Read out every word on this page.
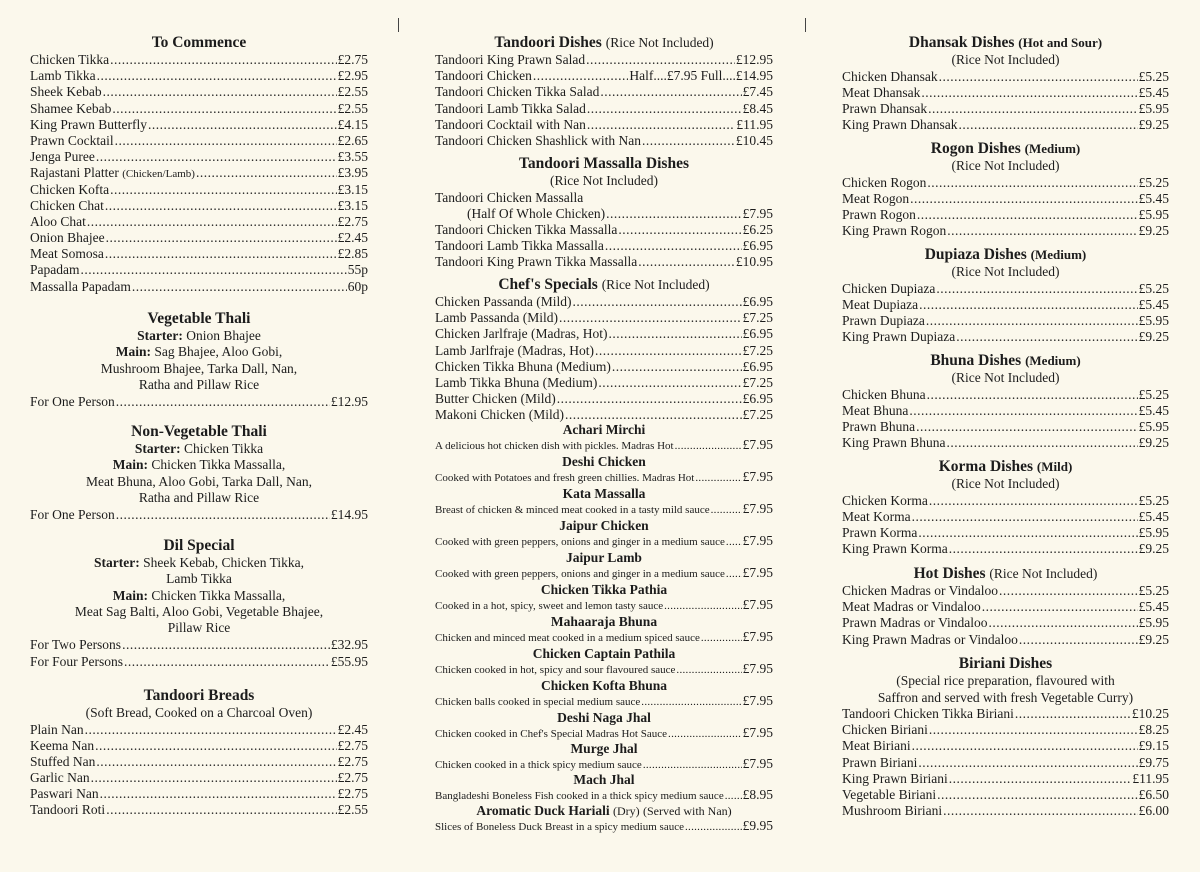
To Commence
Chicken Tikka .....	£2.75
Lamb Tikka .....	£2.95
Sheek Kebab .....	£2.55
Shamee Kebab .....	£2.55
King Prawn Butterfly .....	£4.15
Prawn Cocktail .....	£2.65
Jenga Puree .....	£3.55
Rajastani Platter (Chicken/Lamb) .....	£3.95
Chicken Kofta .....	£3.15
Chicken Chat .....	£3.15
Aloo Chat .....	£2.75
Onion Bhajee .....	£2.45
Meat Somosa .....	£2.85
Papadam .....	55p
Massalla Papadam .....	60p
Vegetable Thali
Starter: Onion Bhajee
Main: Sag Bhajee, Aloo Gobi,
Mushroom Bhajee, Tarka Dall, Nan,
Ratha and Pillaw Rice
For One Person .....	£12.95
Non-Vegetable Thali
Starter: Chicken Tikka
Main: Chicken Tikka Massalla,
Meat Bhuna, Aloo Gobi, Tarka Dall, Nan,
Ratha and Pillaw Rice
For One Person .....	£14.95
Dil Special
Starter: Sheek Kebab, Chicken Tikka,
Lamb Tikka
Main: Chicken Tikka Massalla,
Meat Sag Balti, Aloo Gobi, Vegetable Bhajee,
Pillaw Rice
For Two Persons .....	£32.95
For Four Persons .....	£55.95
Tandoori Breads
(Soft Bread, Cooked on a Charcoal Oven)
Plain Nan .....	£2.45
Keema Nan .....	£2.75
Stuffed Nan .....	£2.75
Garlic Nan .....	£2.75
Paswari Nan .....	£2.75
Tandoori Roti .....	£2.55
Tandoori Dishes (Rice Not Included)
Tandoori King Prawn Salad .....	£12.95
Tandoori Chicken .....	Half....£7.95 Full.... £14.95
Tandoori Chicken Tikka Salad .....	£7.45
Tandoori Lamb Tikka Salad .....	£8.45
Tandoori Cocktail with Nan .....	£11.95
Tandoori Chicken Shashlick with Nan .....	£10.45
Tandoori Massalla Dishes
(Rice Not Included)
Tandoori Chicken Massalla
(Half Of Whole Chicken) .....	£7.95
Tandoori Chicken Tikka Massalla .....	£6.25
Tandoori Lamb Tikka Massalla .....	£6.95
Tandoori King Prawn Tikka Massalla .....	£10.95
Chef's Specials (Rice Not Included)
Chicken Passanda (Mild) .....	£6.95
Lamb Passanda (Mild) .....	£7.25
Chicken Jarlfraje (Madras, Hot) .....	£6.95
Lamb Jarlfraje (Madras, Hot) .....	£7.25
Chicken Tikka Bhuna (Medium) .....	£6.95
Lamb Tikka Bhuna (Medium) .....	£7.25
Butter Chicken (Mild) .....	£6.95
Makoni Chicken (Mild) .....	£7.25
Achari Mirchi
A delicious hot chicken dish with pickles. Madras Hot .....	£7.95
Deshi Chicken
Cooked with Potatoes and fresh green chillies. Madras Hot .....	£7.95
Kata Massalla
Breast of chicken & minced meat cooked in a tasty mild sauce ..... £7.95
Jaipur Chicken
Cooked with green peppers, onions and ginger in a medium sauce ..... £7.95
Jaipur Lamb
Cooked with green peppers, onions and ginger in a medium sauce ..... £7.95
Chicken Tikka Pathia
Cooked in a hot, spicy, sweet and lemon tasty sauce .....	£7.95
Mahaaraja Bhuna
Chicken and minced meat cooked in a medium spiced sauce .....	£7.95
Chicken Captain Pathila
Chicken cooked in hot, spicy and sour flavoured sauce .....	£7.95
Chicken Kofta Bhuna
Chicken balls cooked in special medium sauce .....	£7.95
Deshi Naga Jhal
Chicken cooked in Chef's Special Madras Hot Sauce .....	£7.95
Murge Jhal
Chicken cooked in a thick spicy medium sauce .....	£7.95
Mach Jhal
Bangladeshi Boneless Fish cooked in a thick spicy medium sauce ..... £8.95
Aromatic Duck Hariali (Dry) (Served with Nan)
Slices of Boneless Duck Breast in a spicy medium sauce .....	£9.95
Dhansak Dishes (Hot and Sour)
(Rice Not Included)
Chicken Dhansak .....	£5.25
Meat Dhansak .....	£5.45
Prawn Dhansak .....	£5.95
King Prawn Dhansak .....	£9.25
Rogon Dishes (Medium)
(Rice Not Included)
Chicken Rogon .....	£5.25
Meat Rogon .....	£5.45
Prawn Rogon .....	£5.95
King Prawn Rogon .....	£9.25
Dupiaza Dishes (Medium)
(Rice Not Included)
Chicken Dupiaza .....	£5.25
Meat Dupiaza .....	£5.45
Prawn Dupiaza .....	£5.95
King Prawn Dupiaza .....	£9.25
Bhuna Dishes (Medium)
(Rice Not Included)
Chicken Bhuna .....	£5.25
Meat Bhuna .....	£5.45
Prawn Bhuna .....	£5.95
King Prawn Bhuna .....	£9.25
Korma Dishes (Mild)
(Rice Not Included)
Chicken Korma .....	£5.25
Meat Korma .....	£5.45
Prawn Korma .....	£5.95
King Prawn Korma .....	£9.25
Hot Dishes (Rice Not Included)
Chicken Madras or Vindaloo .....	£5.25
Meat Madras or Vindaloo .....	£5.45
Prawn Madras or Vindaloo .....	£5.95
King Prawn Madras or Vindaloo .....	£9.25
Biriani Dishes
(Special rice preparation, flavoured with
Saffron and served with fresh Vegetable Curry)
Tandoori Chicken Tikka Biriani .....	£10.25
Chicken Biriani .....	£8.25
Meat Biriani .....	£9.15
Prawn Biriani .....	£9.75
King Prawn Biriani .....	£11.95
Vegetable Biriani .....	£6.50
Mushroom Biriani .....	£6.00
